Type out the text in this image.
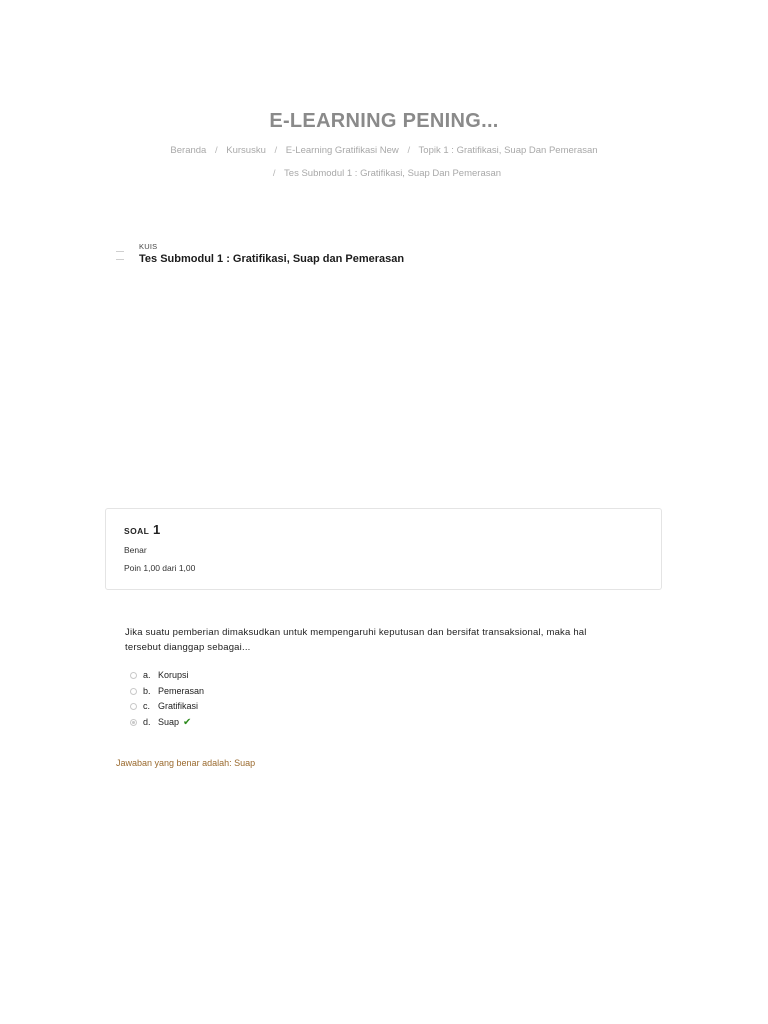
E-LEARNING PENING...
Beranda / Kursusku / E-Learning Gratifikasi New / Topik 1 : Gratifikasi, Suap Dan Pemerasan
/ Tes Submodul 1 : Gratifikasi, Suap Dan Pemerasan
KUIS
Tes Submodul 1 : Gratifikasi, Suap dan Pemerasan
SOAL 1
Benar
Poin 1,00 dari 1,00
Jika suatu pemberian dimaksudkan untuk mempengaruhi keputusan dan bersifat transaksional, maka hal tersebut dianggap sebagai...
a. Korupsi
b. Pemerasan
c. Gratifikasi
d. Suap ✔
Jawaban yang benar adalah: Suap
